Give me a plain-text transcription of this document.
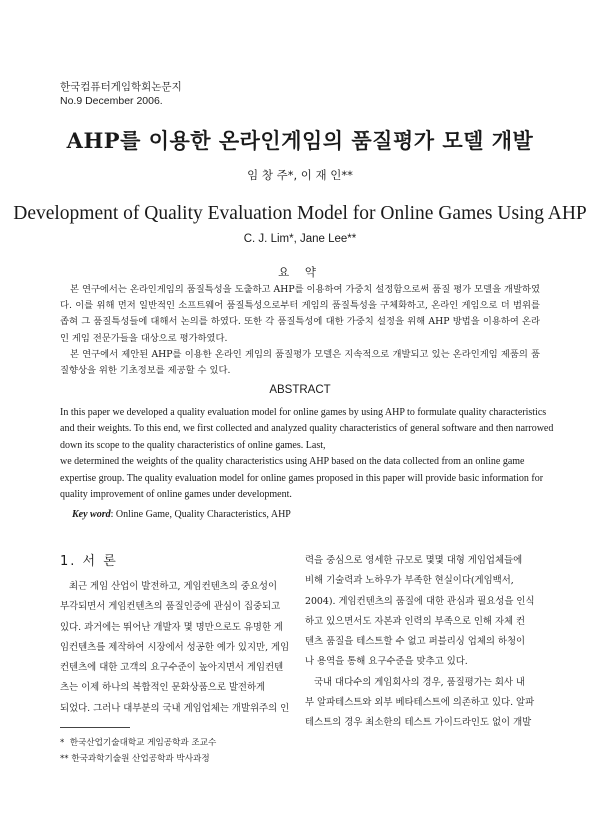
한국컴퓨터게임학회논문지
No.9 December 2006.
AHP를 이용한 온라인게임의 품질평가 모델 개발
임 창 주*, 이 재 인**
Development of Quality Evaluation Model for Online Games Using AHP
C. J. Lim*, Jane Lee**
요 약

본 연구에서는 온라인게임의 품질특성을 도출하고 AHP를 이용하여 가중치 설정함으로써 품질 평가 모델을 개발하였다. 이를 위해 먼저 일반적인 소프트웨어 품질특성으로부터 게임의 품질특성을 구체화하고, 온라인 게임으로 더 범위를 좁혀 그 품질특성들에 대해서 논의를 하였다. 또한 각 품질특성에 대한 가중치 설정을 위해 AHP 방법을 이용하여 온라인 게임 전문가들을 대상으로 평가하였다.

본 연구에서 제안된 AHP를 이용한 온라인 게임의 품질평가 모델은 지속적으로 개발되고 있는 온라인게임 제품의 품질향상을 위한 기초정보를 제공할 수 있다.

ABSTRACT
In this paper we developed a quality evaluation model for online games by using AHP to formulate quality characteristics
and their weights. To this end, we first collected and analyzed quality characteristics of general software and then narrowed
down its scope to the quality characteristics of online games. Last,
we determined the weights of the quality characteristics using AHP based on the data collected from an online game
expertise group. The quality evaluation model for online games proposed in this paper will provide basic information for
quality improvement of online games under development.
Key word: Online Game, Quality Characteristics, AHP
1. 서 론
최근 게임 산업이 발전하고, 게임컨텐츠의 중요성이
부각되면서 게임컨텐츠의 품질인증에 관심이 집중되고
있다. 과거에는 뛰어난 개발자 몇 명만으로도 유명한 게
임컨텐츠를 제작하여 시장에서 성공한 예가 있지만, 게임
컨텐츠에 대한 고객의 요구수준이 높아지면서 게임컨텐
츠는 이제 하나의 복합적인 문화상품으로 발전하게
되었다. 그러나 대부분의 국내 게임업체는 개발위주의 인
력을 중심으로 영세한 규모로 몇몇 대형 게임업체들에
비해 기술력과 노하우가 부족한 현실이다(게임백서,
2004). 게임컨텐츠의 품질에 대한 관심과 필요성을 인식
하고 있으면서도 자본과 인력의 부족으로 인해 자체 컨
텐츠 품질을 테스트할 수 없고 퍼블리싱 업체의 하청이
나 용역을 통해 요구수준을 맞추고 있다.
국내 대다수의 게임회사의 경우, 품질평가는 회사 내
부 알파테스트와 외부 베타테스트에 의존하고 있다. 알파
테스트의 경우 최소한의 테스트 가이드라인도 없이 개발
*  한국산업기술대학교 게임공학과 조교수
** 한국과학기술원 산업공학과 박사과정
